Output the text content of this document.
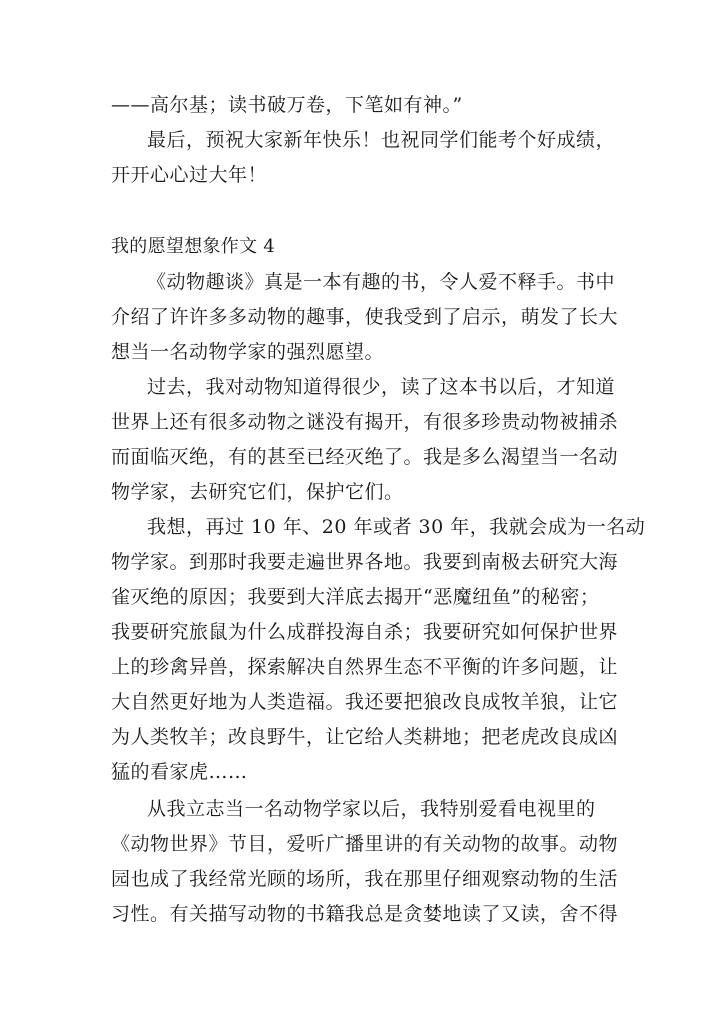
——高尔基；读书破万卷，下笔如有神。”
最后，预祝大家新年快乐！也祝同学们能考个好成绩，
开开心心过大年！
我的愿望想象作文 4
《动物趣谈》真是一本有趣的书，令人爱不释手。书中
介绍了许许多多动物的趣事，使我受到了启示，萌发了长大
想当一名动物学家的强烈愿望。
过去，我对动物知道得很少，读了这本书以后，才知道
世界上还有很多动物之谜没有揭开，有很多珍贵动物被捕杀
而面临灭绝，有的甚至已经灭绝了。我是多么渴望当一名动
物学家，去研究它们，保护它们。
我想，再过 10 年、20 年或者 30 年，我就会成为一名动
物学家。到那时我要走遍世界各地。我要到南极去研究大海
雀灭绝的原因；我要到大洋底去揭开“恶魔纽鱼”的秘密；
我要研究旅鼠为什么成群投海自杀；我要研究如何保护世界
上的珍禽异兽，探索解决自然界生态不平衡的许多问题，让
大自然更好地为人类造福。我还要把狼改良成牧羊狼，让它
为人类牧羊；改良野牛，让它给人类耕地；把老虎改良成凶
猛的看家虎……
从我立志当一名动物学家以后，我特别爱看电视里的
《动物世界》节目，爱听广播里讲的有关动物的故事。动物
园也成了我经常光顾的场所，我在那里仔细观察动物的生活
习性。有关描写动物的书籍我总是贪婪地读了又读，舍不得
